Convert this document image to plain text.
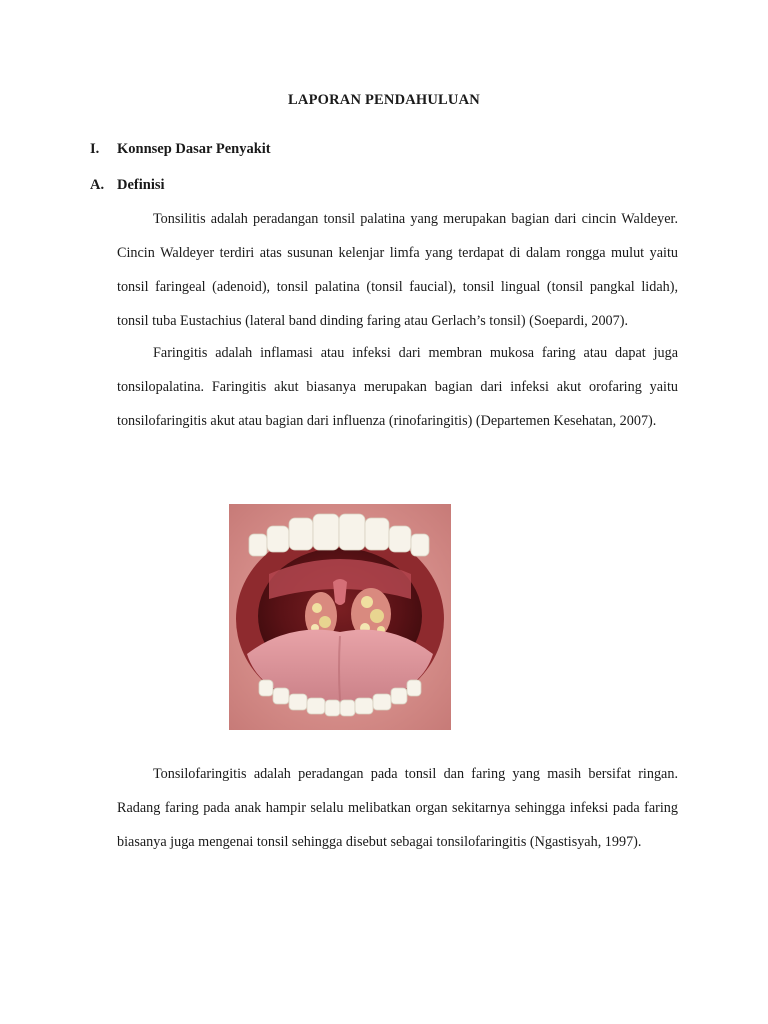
LAPORAN PENDAHULUAN
I.	Konnsep Dasar Penyakit
A. Definisi

Tonsilitis adalah peradangan tonsil palatina yang merupakan bagian dari cincin Waldeyer. Cincin Waldeyer terdiri atas susunan kelenjar limfa yang terdapat di dalam rongga mulut yaitu tonsil faringeal (adenoid), tonsil palatina (tonsil faucial), tonsil lingual (tonsil pangkal lidah), tonsil tuba Eustachius (lateral band dinding faring atau Gerlach’s tonsil) (Soepardi, 2007).

Faringitis adalah inflamasi atau infeksi dari membran mukosa faring atau dapat juga tonsilopalatina. Faringitis akut biasanya merupakan bagian dari infeksi akut orofaring yaitu tonsilofaringitis akut atau bagian dari influenza (rinofaringitis) (Departemen Kesehatan, 2007).

Tonsilofaringitis adalah peradangan pada tonsil dan faring yang masih bersifat ringan. Radang faring pada anak hampir selalu melibatkan organ sekitarnya sehingga infeksi pada faring biasanya juga mengenai tonsil sehingga disebut sebagai tonsilofaringitis (Ngastisyah, 1997).
